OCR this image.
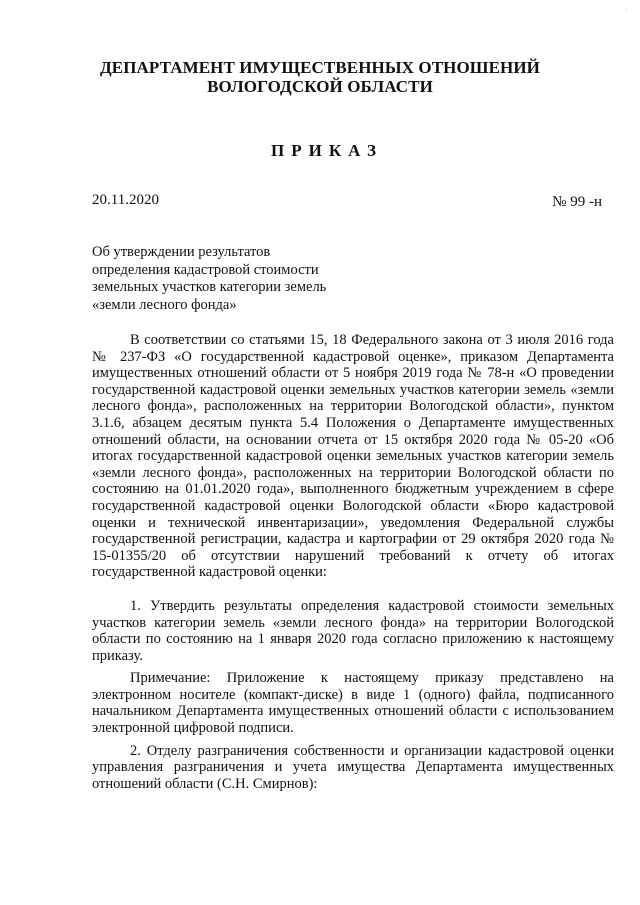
·
ДЕПАРТАМЕНТ ИМУЩЕСТВЕННЫХ ОТНОШЕНИЙ
ВОЛОГОДСКОЙ ОБЛАСТИ
ПРИКАЗ
20.11.2020	№ 99 -н
Об утверждении результатов
определения кадастровой стоимости
земельных участков категории земель
«земли лесного фонда»

В соответствии со статьями 15, 18 Федерального закона от 3 июля 2016 года № 237-ФЗ «О государственной кадастровой оценке», приказом Департамента имущественных отношений области от 5 ноября 2019 года № 78-н «О проведении государственной кадастровой оценки земельных участков категории земель «земли лесного фонда», расположенных на территории Вологодской области», пунктом 3.1.6, абзацем десятым пункта 5.4 Положения о Департаменте имущественных отношений области, на основании отчета от 15 октября 2020 года № 05-20 «Об итогах государственной кадастровой оценки земельных участков категории земель «земли лесного фонда», расположенных на территории Вологодской области по состоянию на 01.01.2020 года», выполненного бюджетным учреждением в сфере государственной кадастровой оценки Вологодской области «Бюро кадастровой оценки и технической инвентаризации», уведомления Федеральной службы государственной регистрации, кадастра и картографии от 29 октября 2020 года № 15-01355/20 об отсутствии нарушений требований к отчету об итогах государственной кадастровой оценки:

1. Утвердить результаты определения кадастровой стоимости земельных участков категории земель «земли лесного фонда» на территории Вологодской области по состоянию на 1 января 2020 года согласно приложению к настоящему приказу.

Примечание: Приложение к настоящему приказу представлено на электронном носителе (компакт-диске) в виде 1 (одного) файла, подписанного начальником Департамента имущественных отношений области с использованием электронной цифровой подписи.

2. Отделу разграничения собственности и организации кадастровой оценки управления разграничения и учета имущества Департамента имущественных отношений области (С.Н. Смирнов):
